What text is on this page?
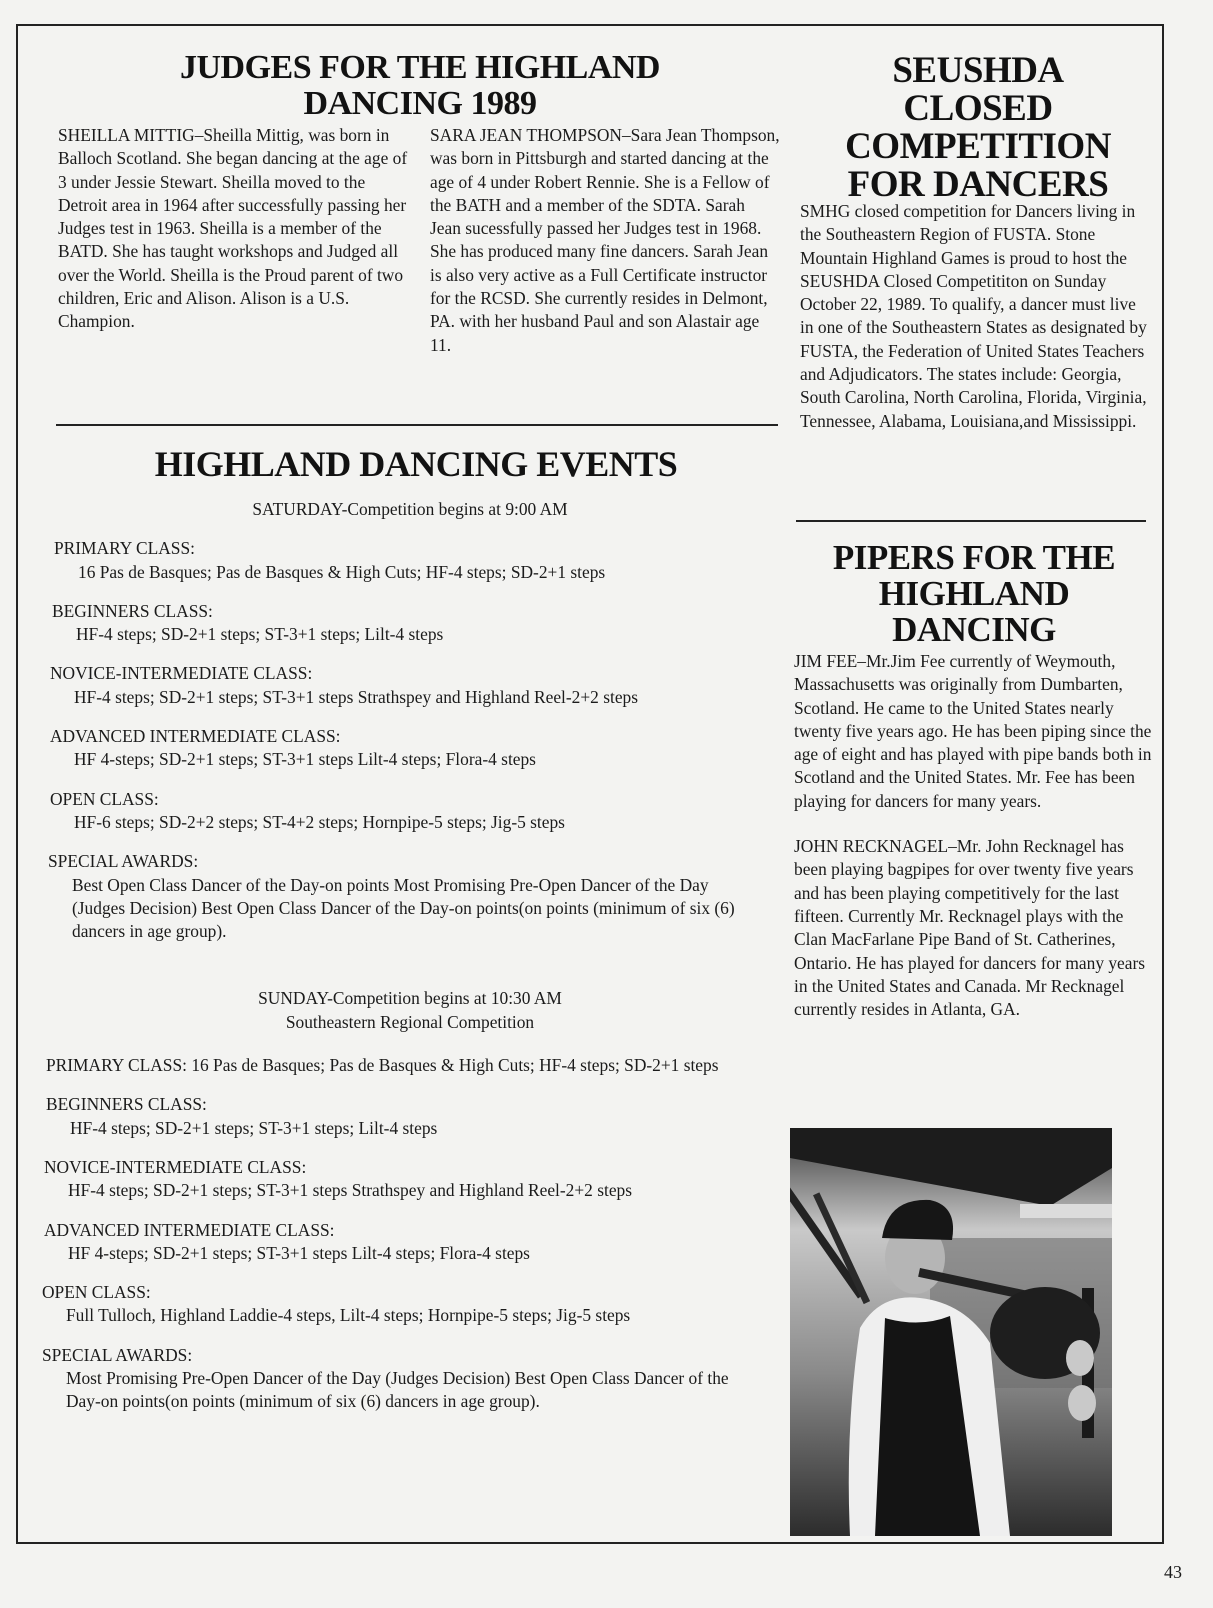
JUDGES FOR THE HIGHLAND
DANCING 1989

SHEILLA MITTIG–Sheilla Mittig, was born in Balloch Scotland. She began dancing at the age of 3 under Jessie Stewart. Sheilla moved to the Detroit area in 1964 after successfully passing her Judges test in 1963. Sheilla is a member of the BATD. She has taught workshops and Judged all over the World. Sheilla is the Proud parent of two children, Eric and Alison. Alison is a U.S. Champion.

SARA JEAN THOMPSON–Sara Jean Thompson, was born in Pittsburgh and started dancing at the age of 4 under Robert Rennie. She is a Fellow of the BATH and a member of the SDTA. Sarah Jean sucessfully passed her Judges test in 1968. She has produced many fine dancers. Sarah Jean is also very active as a Full Certificate instructor for the RCSD. She currently resides in Delmont, PA. with her husband Paul and son Alastair age 11.

SEUSHDA
CLOSED
COMPETITION
FOR DANCERS

SMHG closed competition for Dancers living in the Southeastern Region of FUSTA. Stone Mountain Highland Games is proud to host the SEUSHDA Closed Competititon on Sunday October 22, 1989. To qualify, a dancer must live in one of the Southeastern States as designated by FUSTA, the Federation of United States Teachers and Adjudicators. The states include: Georgia, South Carolina, North Carolina, Florida, Virginia, Tennessee, Alabama, Louisiana,and Mississippi.

PIPERS FOR THE
HIGHLAND
DANCING

JIM FEE–Mr.Jim Fee currently of Weymouth, Massachusetts was originally from Dumbarten, Scotland. He came to the United States nearly twenty five years ago. He has been piping since the age of eight and has played with pipe bands both in Scotland and the United States. Mr. Fee has been playing for dancers for many years.

JOHN RECKNAGEL–Mr. John Recknagel has been playing bagpipes for over twenty five years and has been playing competitively for the last fifteen. Currently Mr. Recknagel plays with the Clan MacFarlane Pipe Band of St. Catherines, Ontario. He has played for dancers for many years in the United States and Canada. Mr Recknagel currently resides in Atlanta, GA.

HIGHLAND DANCING EVENTS
SATURDAY-Competition begins at 9:00 AM
PRIMARY CLASS:
16 Pas de Basques; Pas de Basques & High Cuts; HF-4 steps; SD-2+1 steps
BEGINNERS CLASS:
HF-4 steps; SD-2+1 steps; ST-3+1 steps; Lilt-4 steps
NOVICE-INTERMEDIATE CLASS:
HF-4 steps; SD-2+1 steps; ST-3+1 steps Strathspey and Highland Reel-2+2 steps
ADVANCED INTERMEDIATE CLASS:
HF 4-steps; SD-2+1 steps; ST-3+1 steps Lilt-4 steps; Flora-4 steps
OPEN CLASS:
HF-6 steps; SD-2+2 steps; ST-4+2 steps; Hornpipe-5 steps; Jig-5 steps
SPECIAL AWARDS:
Best Open Class Dancer of the Day-on points Most Promising Pre-Open Dancer of the Day (Judges Decision) Best Open Class Dancer of the Day-on points(on points (minimum of six (6) dancers in age group).
SUNDAY-Competition begins at 10:30 AM
Southeastern Regional Competition
PRIMARY CLASS: 16 Pas de Basques; Pas de Basques & High Cuts; HF-4 steps; SD-2+1 steps
BEGINNERS CLASS:
HF-4 steps; SD-2+1 steps; ST-3+1 steps; Lilt-4 steps
NOVICE-INTERMEDIATE CLASS:
HF-4 steps; SD-2+1 steps; ST-3+1 steps Strathspey and Highland Reel-2+2 steps
ADVANCED INTERMEDIATE CLASS:
HF 4-steps; SD-2+1 steps; ST-3+1 steps Lilt-4 steps; Flora-4 steps
OPEN CLASS:
Full Tulloch, Highland Laddie-4 steps, Lilt-4 steps; Hornpipe-5 steps; Jig-5 steps
SPECIAL AWARDS:
Most Promising Pre-Open Dancer of the Day (Judges Decision) Best Open Class Dancer of the Day-on points(on points (minimum of six (6) dancers in age group).
43
